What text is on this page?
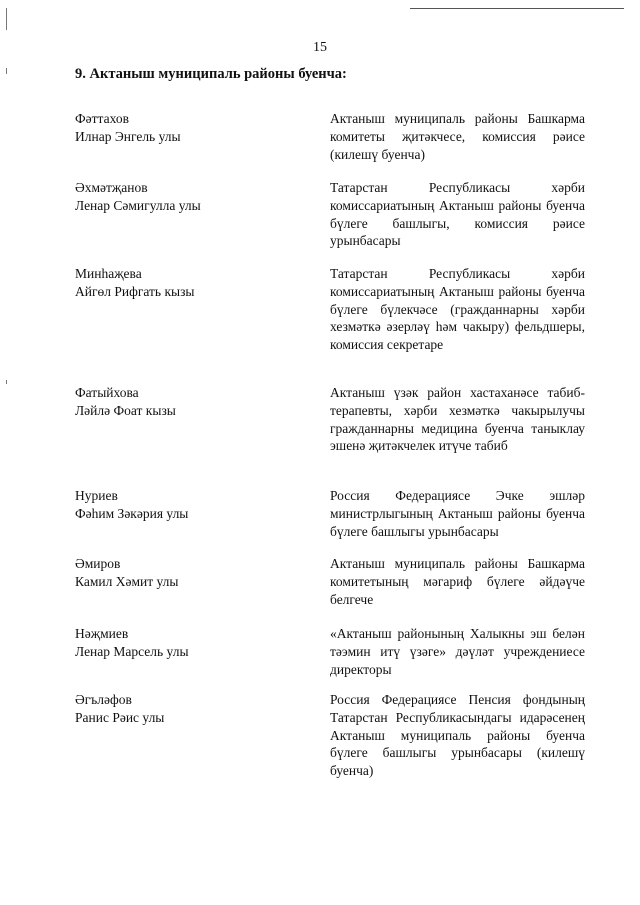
15
9. Актаныш муниципаль районы буенча:
Фәттахов
Илнар Энгель улы
Актаныш муниципаль районы Башкарма комитеты җитәкчесе, комиссия рәисе (килешү буенча)
Әхмәтҗанов
Ленар Сәмигулла улы
Татарстан Республикасы хәрби комиссариатының Актаныш районы буенча бүлеге башлыгы, комиссия рәисе урынбасары
Минһаҗева
Айгөл Рифгать кызы
Татарстан Республикасы хәрби комиссариатының Актаныш районы буенча бүлеге бүлекчәсе (гражданнарны хәрби хезмәткә әзерләү һәм чакыру) фельдшеры, комиссия секретаре
Фатыйхова
Ләйлә Фоат кызы
Актаныш үзәк район хастаханәсе табиб-терапевты, хәрби хезмәткә чакырылучы гражданнарны медицина буенча таныклау эшенә җитәкчелек итүче табиб
Нуриев
Фәһим Зәкәрия улы
Россия Федерациясе Эчке эшләр министрлыгының Актаныш районы буенча бүлеге башлыгы урынбасары
Әмиров
Камил Хәмит улы
Актаныш муниципаль районы Башкарма комитетының мәгариф бүлеге әйдәүче белгече
Нәҗмиев
Ленар Марсель улы
«Актаныш районының Халыкны эш белән тәэмин итү үзәге» дәүләт учреждениесе директоры
Әгъләфов
Ранис Рәис улы
Россия Федерациясе Пенсия фондының Татарстан Республикасындагы идарәсенең Актаныш муниципаль районы буенча бүлеге башлыгы урынбасары (килешү буенча)
